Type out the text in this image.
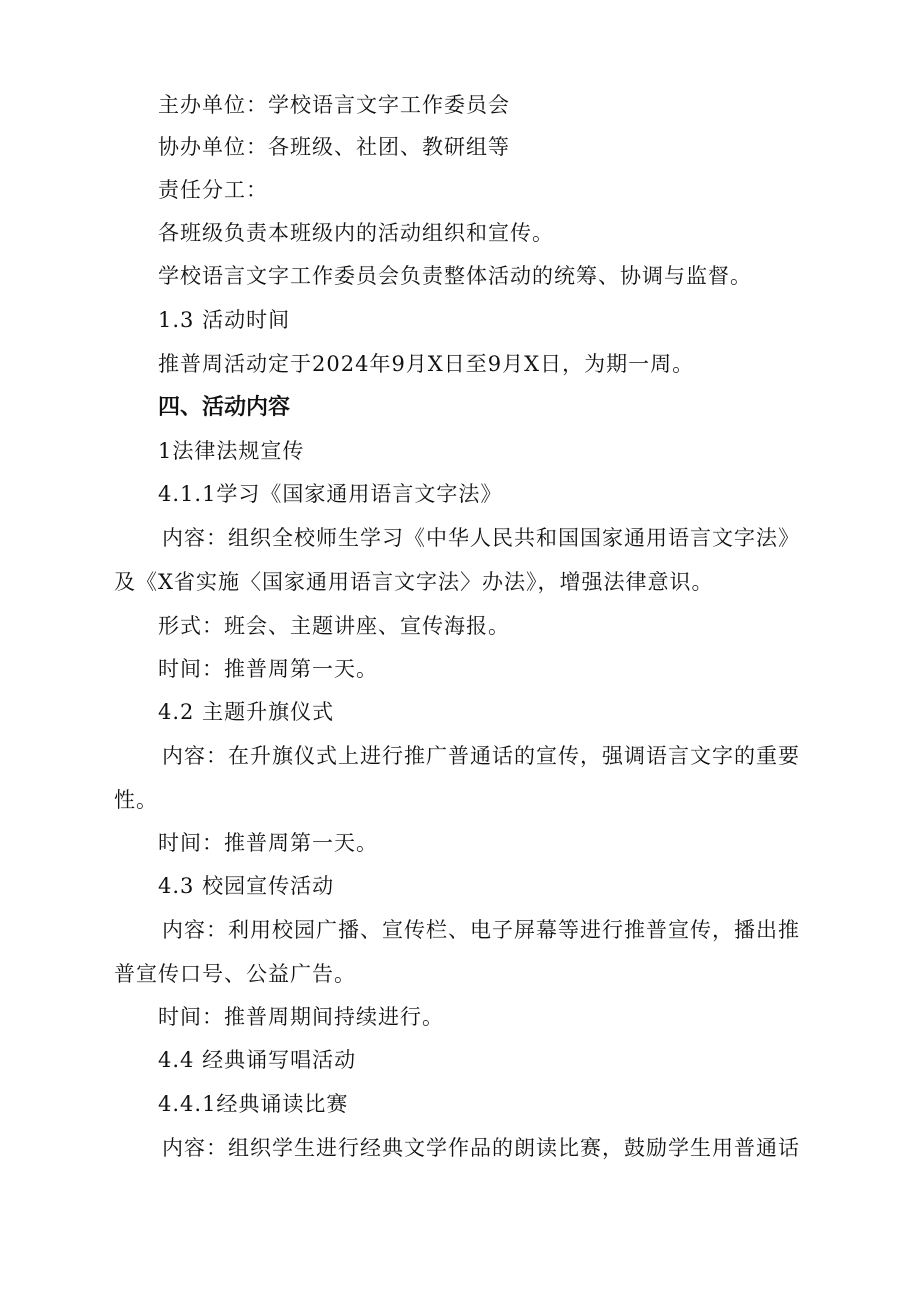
主办单位：学校语言文字工作委员会
协办单位：各班级、社团、教研组等
责任分工：
各班级负责本班级内的活动组织和宣传。
学校语言文字工作委员会负责整体活动的统筹、协调与监督。
1.3 活动时间
推普周活动定于2024年9月X日至9月X日，为期一周。
四、活动内容
1法律法规宣传
4.1.1学习《国家通用语言文字法》
内容：组织全校师生学习《中华人民共和国国家通用语言文字法》
及《X省实施〈国家通用语言文字法〉办法》，增强法律意识。
形式：班会、主题讲座、宣传海报。
时间：推普周第一天。
4.2 主题升旗仪式
内容：在升旗仪式上进行推广普通话的宣传，强调语言文字的重要
性。
时间：推普周第一天。
4.3 校园宣传活动
内容：利用校园广播、宣传栏、电子屏幕等进行推普宣传，播出推
普宣传口号、公益广告。
时间：推普周期间持续进行。
4.4 经典诵写唱活动
4.4.1经典诵读比赛
内容：组织学生进行经典文学作品的朗读比赛，鼓励学生用普通话
